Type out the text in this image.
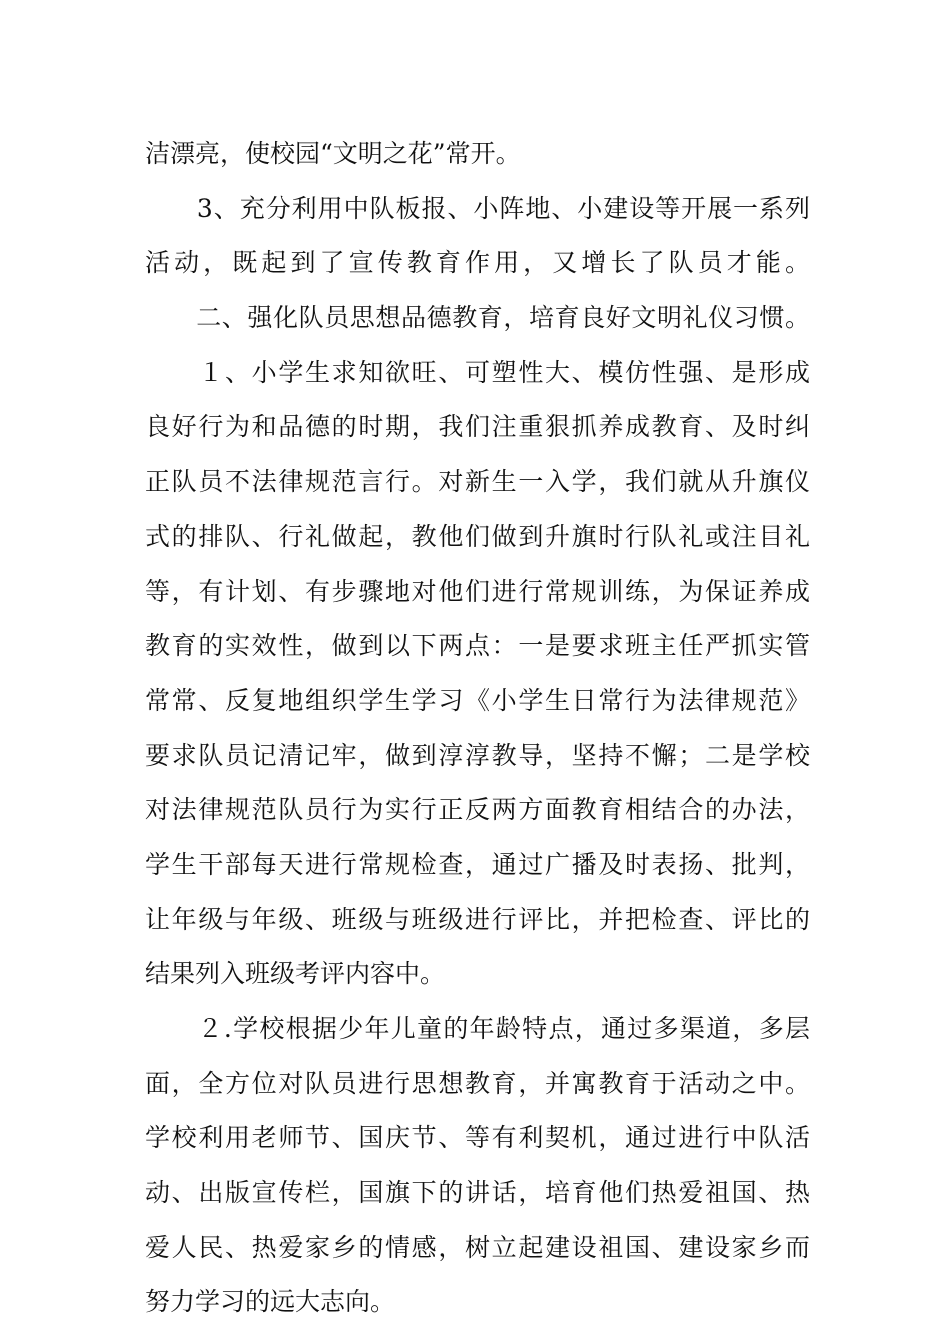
洁漂亮，使校园“文明之花”常开。
　　3、充分利用中队板报、小阵地、小建设等开展一系列
活动，既起到了宣传教育作用，又增长了队员才能。
　　二、强化队员思想品德教育，培育良好文明礼仪习惯。
　　１、小学生求知欲旺、可塑性大、模仿性强、是形成
良好行为和品德的时期，我们注重狠抓养成教育、及时纠
正队员不法律规范言行。对新生一入学，我们就从升旗仪
式的排队、行礼做起，教他们做到升旗时行队礼或注目礼
等，有计划、有步骤地对他们进行常规训练，为保证养成
教育的实效性，做到以下两点：一是要求班主任严抓实管
常常、反复地组织学生学习《小学生日常行为法律规范》
要求队员记清记牢，做到淳淳教导，坚持不懈；二是学校
对法律规范队员行为实行正反两方面教育相结合的办法，
学生干部每天进行常规检查，通过广播及时表扬、批判，
让年级与年级、班级与班级进行评比，并把检查、评比的
结果列入班级考评内容中。
　　２.学校根据少年儿童的年龄特点，通过多渠道，多层
面，全方位对队员进行思想教育，并寓教育于活动之中。
学校利用老师节、国庆节、等有利契机，通过进行中队活
动、出版宣传栏，国旗下的讲话，培育他们热爱祖国、热
爱人民、热爱家乡的情感，树立起建设祖国、建设家乡而
努力学习的远大志向。
